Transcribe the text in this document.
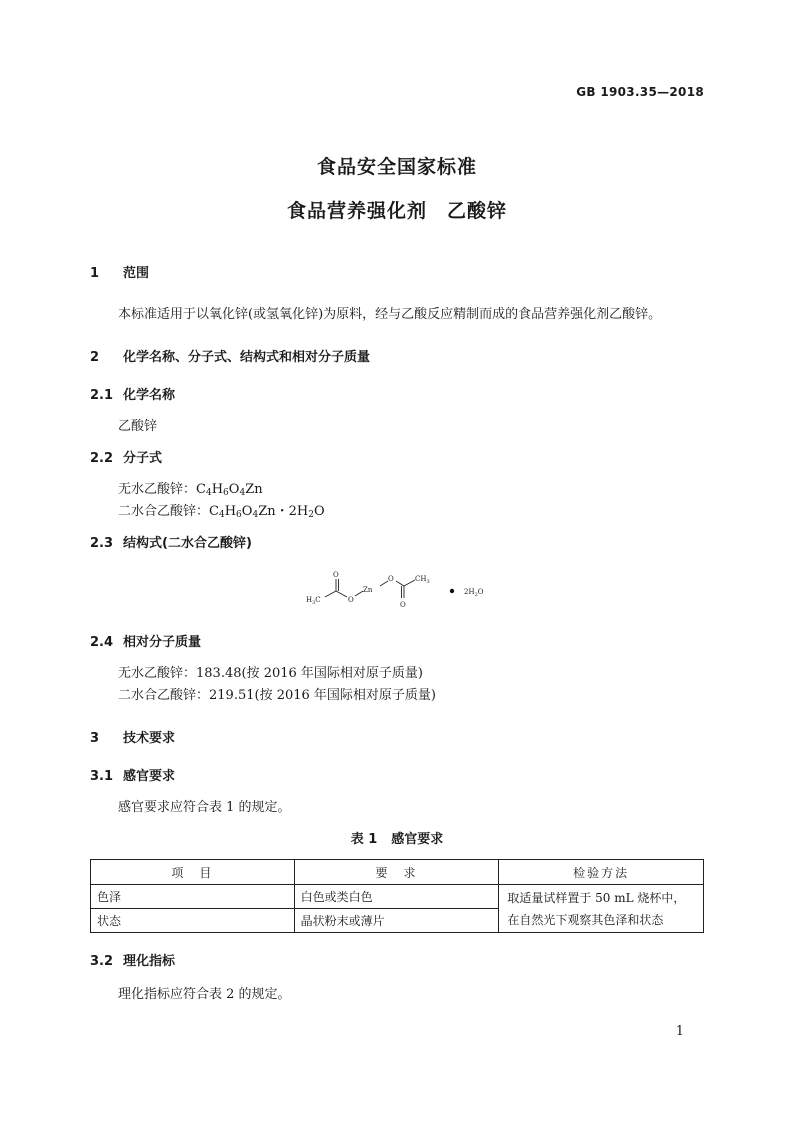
GB 1903.35—2018
食品安全国家标准
食品营养强化剂　乙酸锌
1 范围
本标准适用于以氧化锌(或氢氧化锌)为原料，经与乙酸反应精制而成的食品营养强化剂乙酸锌。
2 化学名称、分子式、结构式和相对分子质量
2.1 化学名称
乙酸锌
2.2 分子式
无水乙酸锌：$C_4H_6O_4Zn$
二水合乙酸锌：$C_4H_6O_4Zn$・$2H_2O$
2.3 结构式(二水合乙酸锌)
$H_3C$
O
O
Zn
O
O
$CH_3$
$2H_2O$
2.4 相对分子质量
无水乙酸锌：183.48(按 2016 年国际相对原子质量)
二水合乙酸锌：219.51(按 2016 年国际相对原子质量)
3 技术要求
3.1 感官要求
感官要求应符合表 1 的规定。
表 1 感官要求
项　目	要　求	检验方法
色泽	白色或类白色	取适量试样置于 50 mL 烧杯中，在自然光下观察其色泽和状态
状态	晶状粉末或薄片	
3.2 理化指标
理化指标应符合表 2 的规定。
1
